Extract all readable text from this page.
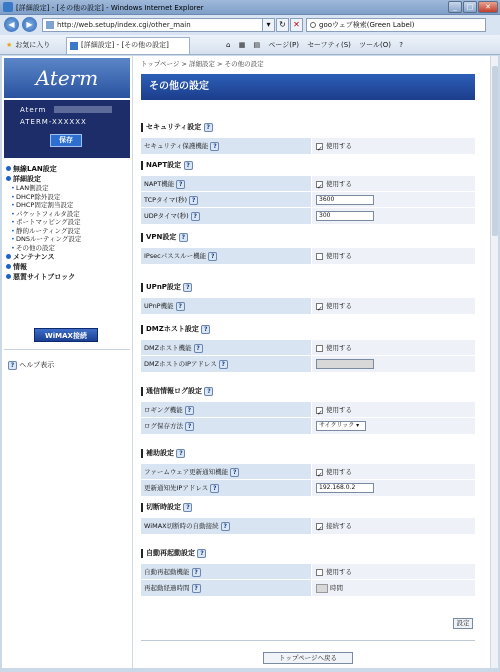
[詳細設定] - [その他の設定] - Windows Internet Explorer	_	□	✕
◀	▶	http://web.setup/index.cgi/other_main	▾	↻ ✕	gooウェブ検索(Green Label)
★ お気に入り	[詳細設定] - [その他の設定]	⌂ ▦ ▤ ページ(P) セーフティ(S) ツール(O) ?
Aterm
Aterm
ATERM-XXXXXX
保存
無線LAN設定
詳細設定
• LAN側設定
• DHCP除外設定
• DHCP固定割当設定
• パケットフィルタ設定
• ポートマッピング設定
• 静的ルーティング設定
• DNSルーティング設定
• その他の設定
メンテナンス
情報
悪質サイトブロック
WiMAX接続
? ヘルプ表示
トップページ > 詳細設定 > その他の設定
その他の設定
セキュリティ設定 ?
セキュリティ保護機能 ? ✓	使用する
NAPT設定 ?
NAPT機能 ? ✓	使用する
TCPタイマ(秒) ?	3600
UDPタイマ(秒) ?	300
VPN設定 ?
IPsecパススルー機能 ?	使用する
UPnP設定 ?
UPnP機能 ? ✓	使用する
DMZホスト設定 ?
DMZホスト機能 ?	使用する
DMZホストのIPアドレス ?
通信情報ログ設定 ?
ロギング機能 ? ✓	使用する
ログ保存方法 ?	サイクリック ▾
補助設定 ?
ファームウェア更新通知機能 ? ✓	使用する
更新通知先IPアドレス ?	192.168.0.2
切断時設定 ?
WiMAX切断時の自動接続 ? ✓	接続する
自動再起動設定 ?
自動再起動機能 ?	使用する
再起動経過時間 ?	時間
設定
トップページへ戻る
